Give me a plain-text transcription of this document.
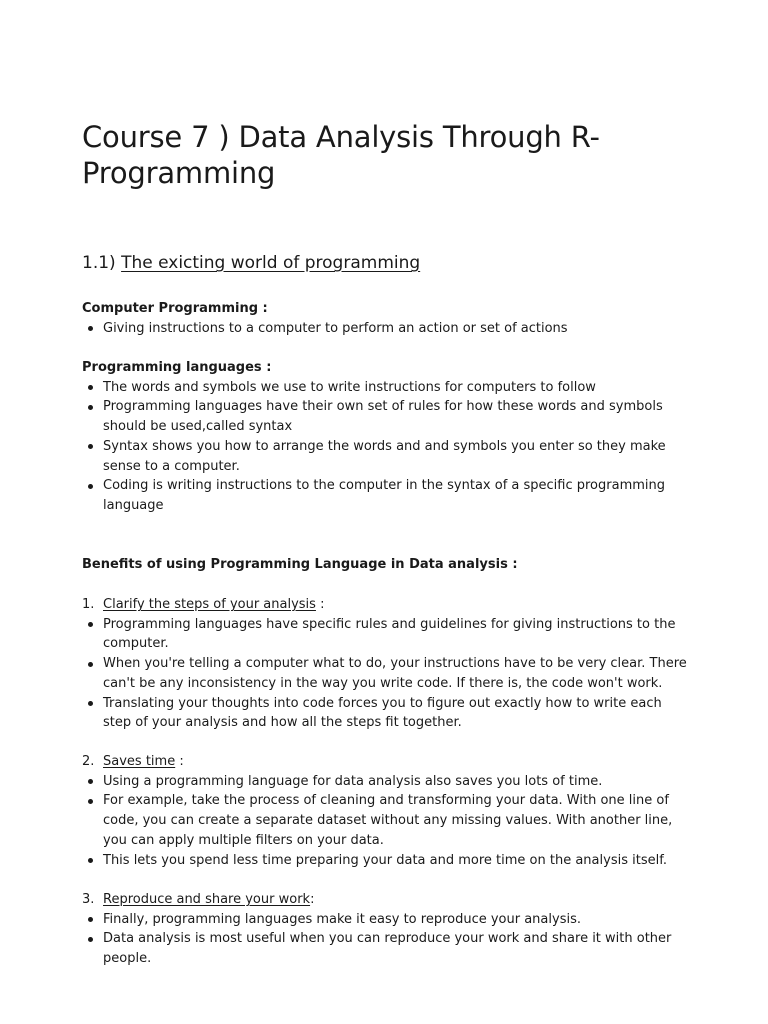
Course 7 ) Data Analysis Through R-Programming
1.1) The exicting world of programming

Computer Programming :

Giving instructions to a computer to perform an action or set of actions

Programming languages :

The words and symbols we use to write instructions for computers to follow
Programming languages have their own set of rules for how these words and symbols should be used,called syntax
Syntax shows you how to arrange the words and and symbols you enter so they make sense to a computer.
Coding is writing instructions to the computer in the syntax of a specific programming language

Benefits of using Programming Language in Data analysis :

1. Clarify the steps of your analysis :

Programming languages have specific rules and guidelines for giving instructions to the computer.
When you're telling a computer what to do, your instructions have to be very clear. There can't be any inconsistency in the way you write code. If there is, the code won't work.
Translating your thoughts into code forces you to figure out exactly how to write each step of your analysis and how all the steps fit together.

2. Saves time :

Using a programming language for data analysis also saves you lots of time.
For example, take the process of cleaning and transforming your data. With one line of code, you can create a separate dataset without any missing values. With another line, you can apply multiple filters on your data.
This lets you spend less time preparing your data and more time on the analysis itself.

3. Reproduce and share your work:

Finally, programming languages make it easy to reproduce your analysis.
Data analysis is most useful when you can reproduce your work and share it with other people.
